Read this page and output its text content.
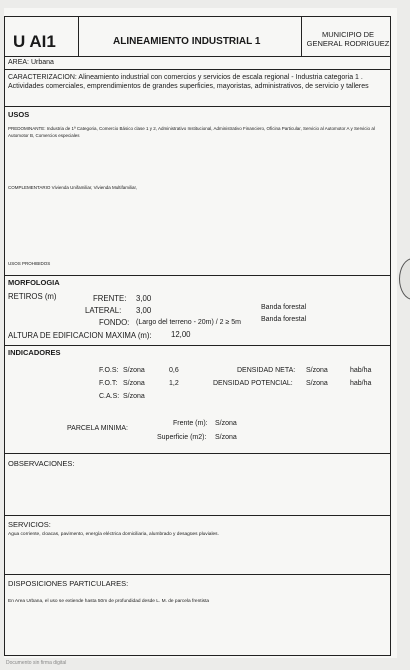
U AI1	ALINEAMIENTO INDUSTRIAL 1
MUNICIPIO DE
GENERAL RODRIGUEZ
AREA: Urbana
CARACTERIZACION: Alineamiento industrial con comercios y servicios de escala regional - Industria categoria 1 . Actividades comerciales, emprendimientos de grandes superficies, mayoristas, administrativos, de servicio y talleres
USOS
PREDOMINANTE: Industria de 1ª Categoria, Comercio Básico clase 1 y 2, Administrativo Institucional, Administrativo Financiero, Oficina Particular, Servicio al Automotor A y Servicio al Automotor B, Comercios especiales
COMPLEMENTARIO Vivienda Unifamiliar, Vivienda Multifamiliar,
USOS PROHIBIDOS
MORFOLOGIA
RETIROS (m)	FRENTE: 3,00
LATERAL: 3,00
FONDO: (Largo del terreno - 20m) / 2 ≥ 5m
Banda forestal
Banda forestal
ALTURA DE EDIFICACION MAXIMA (m): 12,00
INDICADORES
F.O.S: S/zona	0,6
F.O.T: S/zona	1,2
C.A.S: S/zona
DENSIDAD NETA: S/zona	hab/ha
DENSIDAD POTENCIAL: S/zona	hab/ha
PARCELA MINIMA:
Frente (m): S/zona
Superficie (m2): S/zona
OBSERVACIONES:
SERVICIOS:
Agua corriente, cloacas, pavimento, energía eléctrica domiciliaria, alumbrado y desagües pluviales.
DISPOSICIONES PARTICULARES:
En Area Urbana, el uso se extiende hasta 50m de profundidad desde L. M. de parcela frentista
Documento sin firma digital
